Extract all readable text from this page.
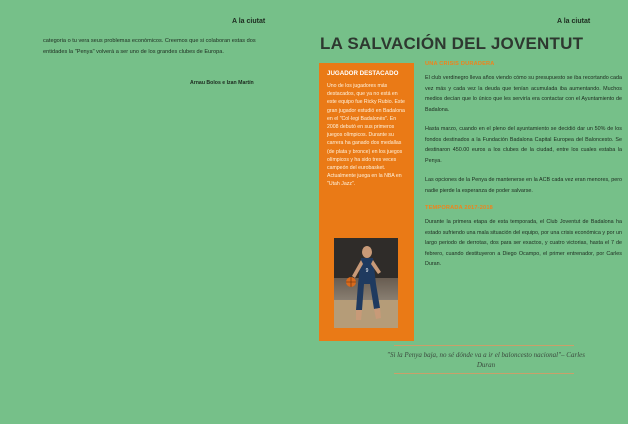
A la ciutat
categoria o tu vera seus problemas econòmicos. Creemos que si colaboran estas dos entidades la "Penya" volverá a ser uno de los grandes clubes de Europa.
Arnau Bolos e Izan Martín
A la ciutat
LA SALVACIÓN DEL JOVENTUT
JUGADOR DESTACADO
Uno de los jugadores más destacados, que ya no está en este equipo fue Ricky Rubio. Este gran jugador estudió en Badalona en el "Col·legi Badalonès". En 2008 debutó en sus primeros juegos olímpicos. Durante su carrera ha ganado dos medallas (de plata y bronce) en los juegos olímpicos y ha sido tres veces campeón del eurobasket. Actualmente juega en la NBA en "Utah Jazz".
9
UNA CRISIS DURADERA

El club verdinegro lleva años viendo cómo su presupuesto se iba recortando cada vez más y cada vez la deuda que tenían acumulada iba aumentando. Muchos medios decían que lo único que les serviría era contactar con el Ayuntamiento de Badalona.

Hasta marzo, cuando en el pleno del ayuntamiento se decidió dar un 50% de los fondos destinados a la Fundación Badalona Capital Europea del Baloncesto. Se destinaron 450.00 euros a los clubes de la ciudad, entre los cuales estaba la Penya.

Las opciones de la Penya de mantenerse en la ACB cada vez eran menores, pero nadie pierde la esperanza de poder salvarse.

TEMPORADA 2017-2018

Durante la primera etapa de esta temporada, el Club Joventut de Badalona ha estado sufriendo una mala situación del equipo, por una crisis económica y por un largo periodo de derrotas, dos para ser exactos, y cuatro victorias, hasta el 7 de febrero, cuando destituyeron a Diego Ocampo, el primer entrenador, por Carles Duran.

"Si la Penya baja, no sé dónde va a ir el baloncesto nacional"– Carles Duran
